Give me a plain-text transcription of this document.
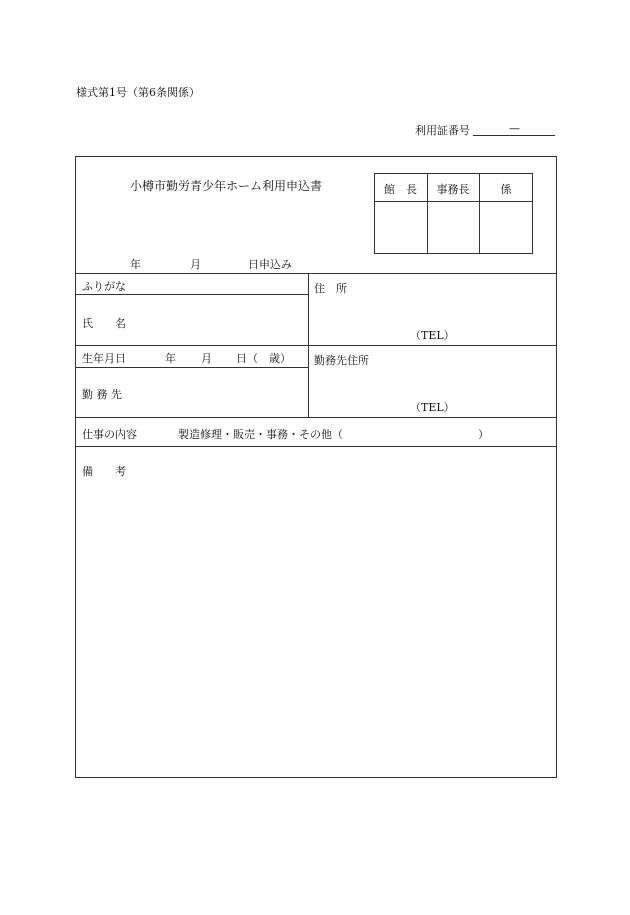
様式第1号（第6条関係）
利用証番号	—
小樽市勤労青少年ホーム利用申込書
年	月	日申込み
館　長	事務長	係
ふりがな
氏　　名
住　所
（TEL）
生年月日	年 月 日（　歳）
勤 務 先
勤務先住所
（TEL）
仕事の内容	製造修理・販売・事務・その他（	）
備　　考
